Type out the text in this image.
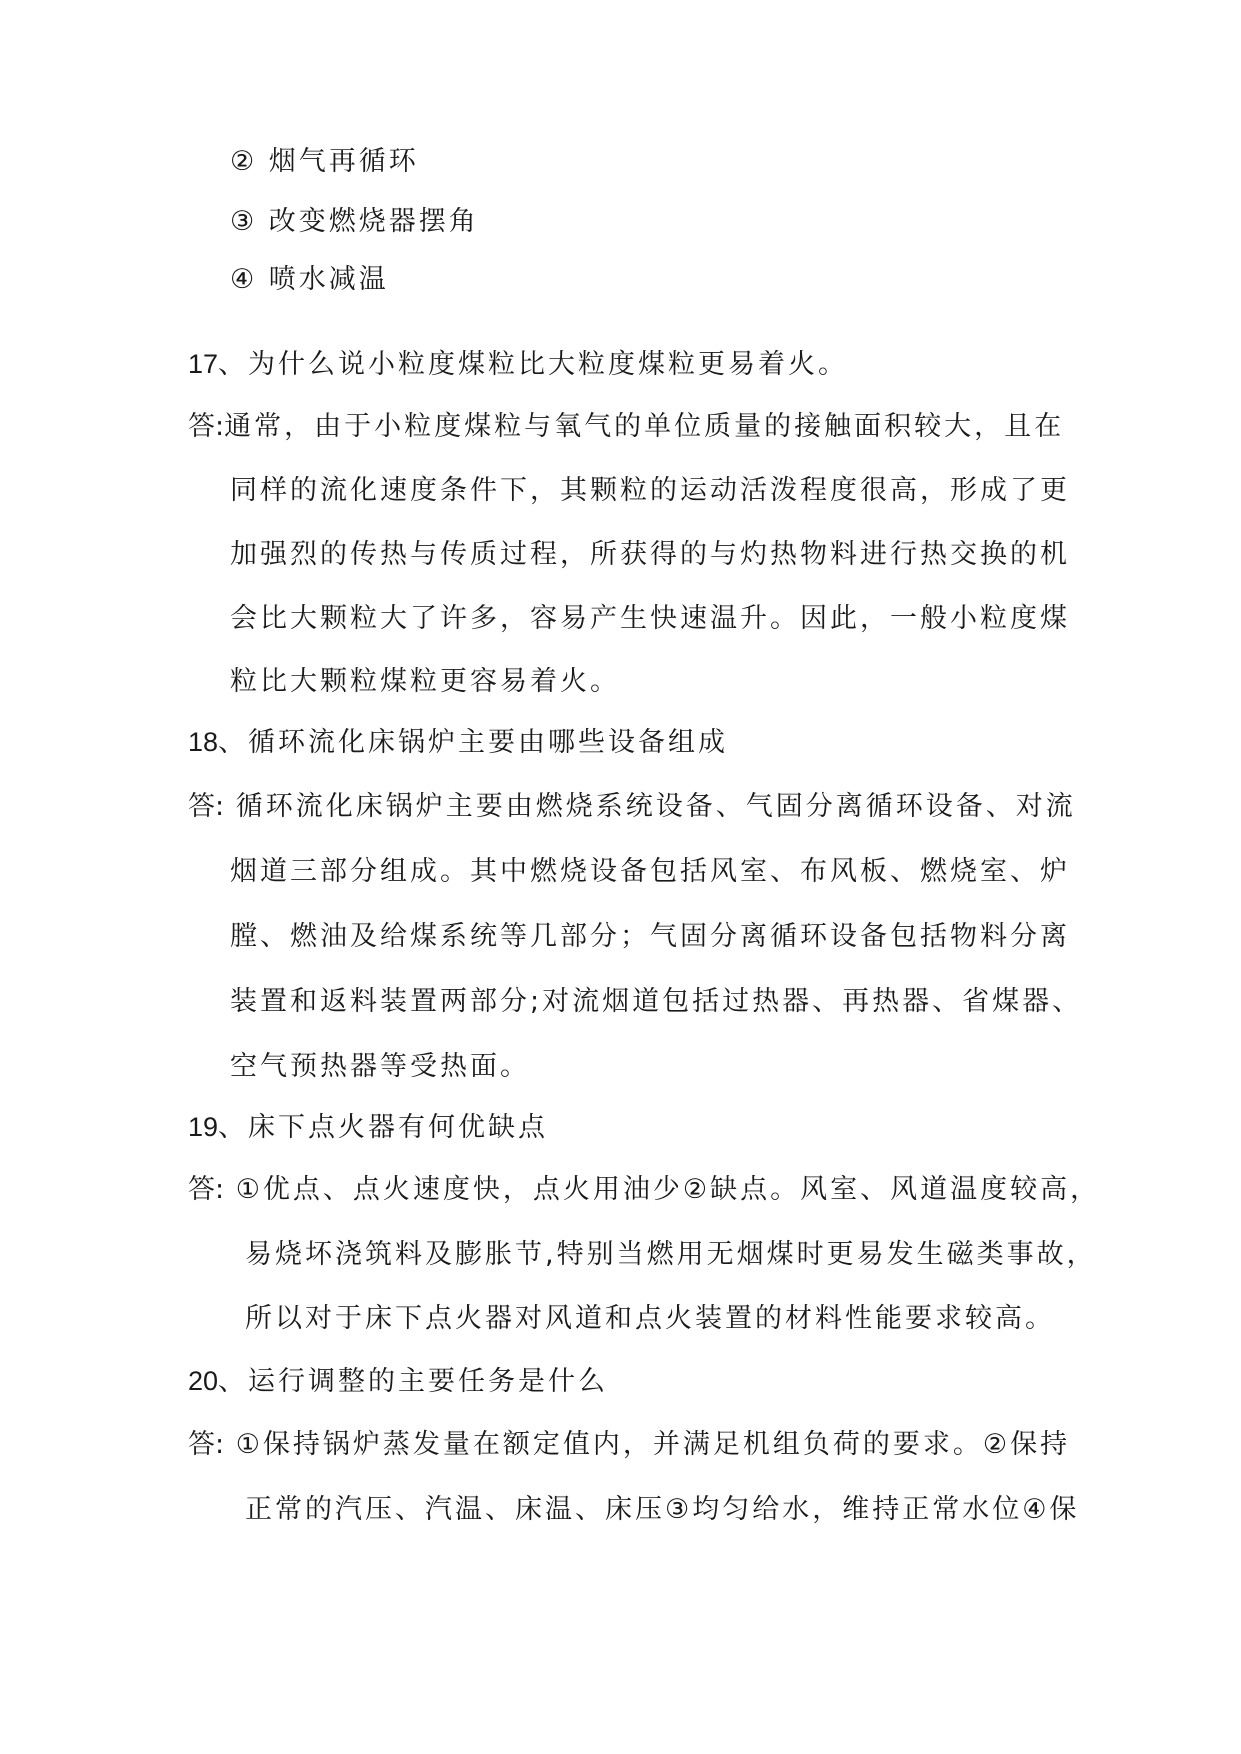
② 烟气再循环
③ 改变燃烧器摆角
④ 喷水减温
17、为什么说小粒度煤粒比大粒度煤粒更易着火。
答:通常，由于小粒度煤粒与氧气的单位质量的接触面积较大，且在
同样的流化速度条件下，其颗粒的运动活泼程度很高，形成了更
加强烈的传热与传质过程，所获得的与灼热物料进行热交换的机
会比大颗粒大了许多，容易产生快速温升。因此，一般小粒度煤
粒比大颗粒煤粒更容易着火。
18、循环流化床锅炉主要由哪些设备组成
答: 循环流化床锅炉主要由燃烧系统设备、气固分离循环设备、对流
烟道三部分组成。其中燃烧设备包括风室、布风板、燃烧室、炉
膛、燃油及给煤系统等几部分；气固分离循环设备包括物料分离
装置和返料装置两部分;对流烟道包括过热器、再热器、省煤器、
空气预热器等受热面。
19、床下点火器有何优缺点
答: ①优点、点火速度快，点火用油少②缺点。风室、风道温度较高，
易烧坏浇筑料及膨胀节,特别当燃用无烟煤时更易发生磁类事故，
所以对于床下点火器对风道和点火装置的材料性能要求较高。
20、运行调整的主要任务是什么
答: ①保持锅炉蒸发量在额定值内，并满足机组负荷的要求。②保持
正常的汽压、汽温、床温、床压③均匀给水，维持正常水位④保
